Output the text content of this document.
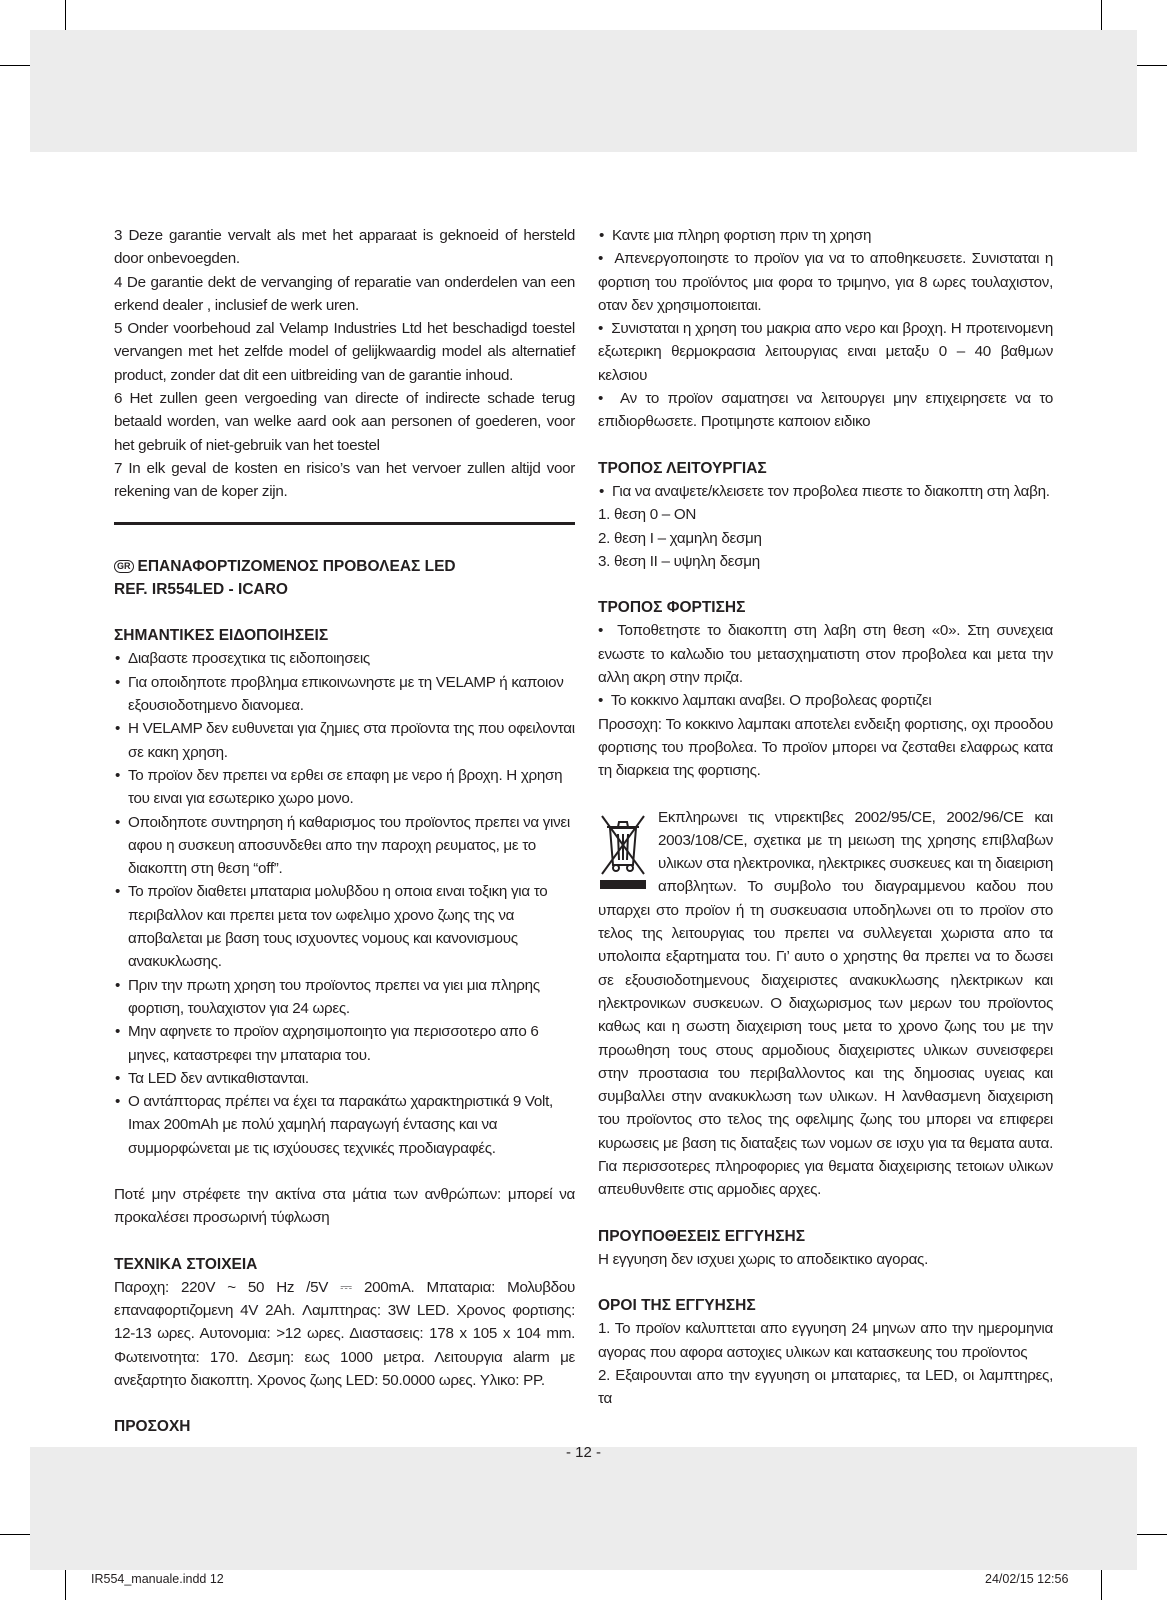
3 Deze garantie vervalt als met het apparaat is geknoeid of hersteld door onbevoegden.

4 De garantie dekt de vervanging of reparatie van onderdelen van een erkend dealer , inclusief de werk uren.

5 Onder voorbehoud zal Velamp Industries Ltd het beschadigd toestel vervangen met het zelfde model of gelijkwaardig model als alternatief product, zonder dat dit een uitbreiding van de garantie inhoud.

6 Het zullen geen vergoeding van directe of indirecte schade terug betaald worden, van welke aard ook aan personen of goederen, voor het gebruik of niet-gebruik van het toestel

7 In elk geval de kosten en risico’s van het vervoer zullen altijd voor rekening van de koper zijn.

GR ΕΠΑΝΑΦΟΡΤΙΖΟΜΕΝΟΣ ΠΡΟΒΟΛΕΑΣ LED

REF. IR554LED - ICARO

ΣΗΜΑΝΤΙΚΕΣ ΕΙΔΟΠΟΙΗΣΕΙΣ

• Διαβαστε προσεχτικα τις ειδοποιησεις
• Για οποιδηποτε προβλημα επικοινωνηστε με τη VELAMP ή καποιον εξουσιοδοτημενο διανομεα.
• Η VELAMP δεν ευθυνεται για ζημιες στα προϊοντα της που οφειλονται σε κακη χρηση.
• Το προϊον δεν πρεπει να ερθει σε επαφη με νερο ή βροχη. Η χρηση του ειναι για εσωτερικο χωρο μονο.
• Οποιδηποτε συντηρηση ή καθαρισμος του προϊοντος πρεπει να γινει αφου η συσκευη αποσυνδεθει απο την παροχη ρευματος, με το διακοπτη στη θεση “off”.
• Το προϊον διαθετει μπαταρια μολυβδου η οποια ειναι τοξικη για το περιβαλλον και πρεπει μετα τον ωφελιμο χρονο ζωης της να αποβαλεται με βαση τους ισχυοντες νομους και κανονισμους ανακυκλωσης.
• Πριν την πρωτη χρηση του προϊοντος πρεπει να γιει μια πληρης φορτιση, τουλαχιστον για 24 ωρες.
• Μην αφηνετε το προϊον αχρησιμοποιητο για περισσοτερο απο 6 μηνες, καταστρεφει την μπαταρια του.
• Τα LED δεν αντικαθιστανται.
• Ο αντάπτορας πρέπει να έχει τα παρακάτω χαρακτηριστικά 9 Volt, Imax 200mAh με πολύ χαμηλή παραγωγή έντασης και να συμμορφώνεται με τις ισχύουσες τεχνικές προδιαγραφές.

Ποτέ μην στρέφετε την ακτίνα στα μάτια των ανθρώπων: μπορεί να προκαλέσει προσωρινή τύφλωση

ΤΕΧΝΙΚΑ ΣΤΟΙΧΕΙΑ

Παροχη: 220V ~ 50 Hz /5V ⎓ 200mA. Μπαταρια: Μολυβδου επαναφορτιζομενη 4V 2Ah. Λαμπτηρας: 3W LED. Χρονος φορτισης: 12-13 ωρες. Αυτονομια: >12 ωρες. Διαστασεις: 178 x 105 x 104 mm. Φωτεινοτητα: 170. Δεσμη: εως 1000 μετρα. Λειτουργια alarm με ανεξαρτητο διακοπτη. Χρονος ζωης LED: 50.0000 ωρες. Υλικο: PP.

ΠΡΟΣΟΧΗ

• Καντε μια πληρη φορτιση πριν τη χρηση
•  Απενεργοποιηστε το προϊον για να το αποθηκευσετε. Συνισταται η φορτιση του προϊόντος μια φορα το τριμηνο, για 8 ωρες τουλαχιστον, οταν δεν χρησιμοποιειται.
•  Συνισταται η χρηση του μακρια απο νερο και βροχη. Η προτεινομενη εξωτερικη θερμοκρασια λειτουργιας ειναι μεταξυ 0 – 40 βαθμων κελσιου
•  Αν το προϊον σαματησει να λειτουργει μην επιχειρησετε να το επιδιορθωσετε. Προτιμηστε καποιον ειδικο

ΤΡΟΠΟΣ ΛΕΙΤΟΥΡΓΙΑΣ

• Για να αναψετε/κλεισετε τον προβολεα πιεστε το διακοπτη στη λαβη.

1. θεση 0 – ON

2. θεση I – χαμηλη δεσμη

3. θεση II – υψηλη δεσμη

ΤΡΟΠΟΣ ΦΟΡΤΙΣΗΣ

•  Τοποθετηστε το διακοπτη στη λαβη στη θεση «0». Στη συνεχεια ενωστε το καλωδιο του μετασχηματιστη στον προβολεα και μετα την αλλη ακρη στην πριζα.
•  Το κοκκινο λαμπακι αναβει. Ο προβολεας φορτιζει

Προσοχη: Το κοκκινο λαμπακι αποτελει ενδειξη φορτισης, οχι προοδου φορτισης του προβολεα. Το προϊον μπορει να ζεσταθει ελαφρως κατα τη διαρκεια της φορτισης.

Εκπληρωνει τις ντιρεκτιβες 2002/95/CE, 2002/96/CE και 2003/108/CE, σχετικα με τη μειωση της χρησης επιβλαβων υλικων στα ηλεκτρονικα, ηλεκτρικες συσκευες και τη διαειριση αποβλητων. Το συμβολο του διαγραμμενου καδου που υπαρχει στο προϊον ή τη συσκευασια υποδηλωνει οτι το προϊον στο τελος της λειτουργιας του πρεπει να συλλεγεται χωριστα απο τα υπολοιπα εξαρτηματα του. Γι’ αυτο ο χρηστης θα πρεπει να το δωσει σε εξουσιοδοτημενους διαχειριστες ανακυκλωσης ηλεκτρικων και ηλεκτρονικων συσκευων. Ο διαχωρισμος των μερων του προϊοντος καθως και η σωστη διαχειριση τους μετα το χρονο ζωης του με την προωθηση τους στους αρμοδιους διαχειριστες υλικων συνεισφερει στην προστασια του περιβαλλοντος και της δημοσιας υγειας και συμβαλλει στην ανακυκλωση των υλικων. Η λανθασμενη διαχειριση του προϊοντος στο τελος της οφελιμης ζωης του μπορει να επιφερει κυρωσεις με βαση τις διαταξεις των νομων σε ισχυ για τα θεματα αυτα. Για περισσοτερες πληροφοριες για θεματα διαχειρισης τετοιων υλικων απευθυνθειτε στις αρμοδιες αρχες.

ΠΡΟΥΠΟΘΕΣΕΙΣ ΕΓΓΥΗΣΗΣ

Η εγγυηση δεν ισχυει χωρις το αποδεικτικο αγορας.

ΟΡΟΙ ΤΗΣ ΕΓΓΥΗΣΗΣ

1. Το προϊον καλυπτεται απο εγγυηση 24 μηνων απο την ημερομηνια αγορας που αφορα αστοχιες υλικων και κατασκευης του προϊοντος

2. Εξαιρουνται απο την εγγυηση οι μπαταριες, τα LED, οι λαμπτηρες, τα

- 12 -
IR554_manuale.indd 12	24/02/15 12:56
